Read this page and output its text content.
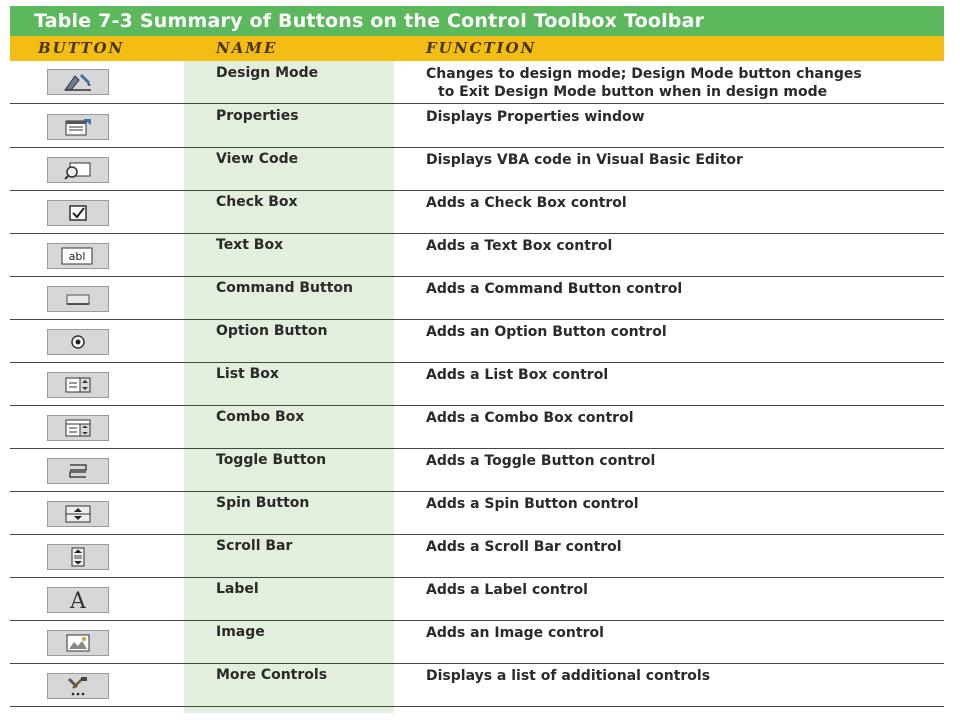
Table 7-3 Summary of Buttons on the Control Toolbox Toolbar
BUTTON	NAME	FUNCTION
Design Mode	Changes to design mode; Design Mode button changes
to Exit Design Mode button when in design mode
Properties	Displays Properties window
View Code	Displays VBA code in Visual Basic Editor
Check Box	Adds a Check Box control
abl
Text Box	Adds a Text Box control
Command Button	Adds a Command Button control
Option Button	Adds an Option Button control
List Box	Adds a List Box control
Combo Box	Adds a Combo Box control
Toggle Button	Adds a Toggle Button control
Spin Button	Adds a Spin Button control
Scroll Bar	Adds a Scroll Bar control
A	Label	Adds a Label control
Image	Adds an Image control
More Controls	Displays a list of additional controls
